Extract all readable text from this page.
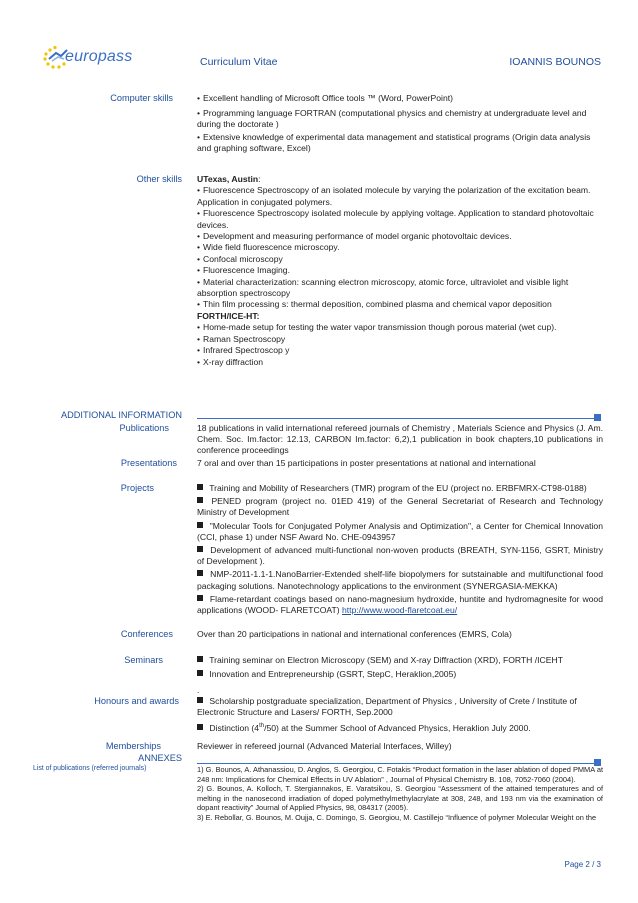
europass	Curriculum Vitae	IOANNIS BOUNOS
Computer skills

•	Excellent handling of Microsoft Office tools ™ (Word, PowerPoint)

• Programming language FORTRAN (computational physics and chemistry at undergraduate level and during the doctorate )

• Extensive knowledge of experimental data management and statistical programs (Origin data analysis and graphing software, Excel)

Other skills UTexas, Austin:

• Fluorescence Spectroscopy of an isolated molecule by varying the polarization of the excitation beam. Application in conjugated polymers.

• Fluorescence Spectroscopy isolated molecule by applying voltage. Application to standard photovoltaic devices.

• Development and measuring performance of model organic photovoltaic devices.

• Wide field fluorescence microscopy.

• Confocal microscopy

• Fluorescence Imaging.

• Material characterization: scanning electron microscopy, atomic force, ultraviolet and visible light absorption spectroscopy

• Thin film processing s: thermal deposition, combined plasma and chemical vapor deposition

FORTH/ICE-HT:

• Home-made setup for testing the water vapor transmission though porous material (wet cup).

• Raman Spectroscopy

• Infrared Spectroscop y

• X-ray diffraction

ADDITIONAL INFORMATION
Publications	18 publications in valid international refereed journals of Chemistry , Materials Science and Physics (J. Am. Chem. Soc. Im.factor: 12.13, CARBON Im.factor: 6,2),1 publication in book chapters,10 publications in conference proceedings
Presentations 7 oral and over than 15 participations in poster presentations at national and international
Projects	Training and Mobility of Researchers (TMR) program of the EU (project no. ERBFMRX-CT98-0188)

PENED program (project no. 01ED 419) of the General Secretariat of Research and Technology Ministry of Development

"Molecular Tools for Conjugated Polymer Analysis and Optimization", a Center for Chemical Innovation (CCI, phase 1) under NSF Award No. CHE-0943957

Development of advanced multi-functional non-woven products (BREATH, SYN-1156, GSRT, Ministry of Development ).

NMP-2011-1.1-1.NanoBarrier-Extended shelf-life biopolymers for sutstainable and multifunctional food packaging solutions. Nanotechnology applications to the environment (SYNERGASIA-MEKKA)

Flame-retardant coatings based on nano-magnesium hydroxide, huntite and hydromagnesite for wood applications (WOOD- FLARETCOAT) http://www.wood-flaretcoat.eu/

Conferences	Over than 20 participations in national and international conferences (EMRS, Cola)
Seminars	Training seminar on Electron Microscopy (SEM) and X-ray Diffraction (XRD), FORTH /ICEHT

Innovation and Entrepreneurship (GSRT, StepC, Heraklion,2005)

.
Honours and awards	Scholarship postgraduate specialization, Department of Physics , University of Crete / Institute of Electronic Structure and Lasers/ FORTH, Sep.2000

Distinction (4th/50) at the Summer School of Advanced Physics, Heraklion July 2000.

Memberships	Reviewer in refereed journal (Advanced Material Interfaces, Willey)
ANNEXES
List of publications (referred journals)	1) G. Bounos, A. Athanassiou, D. Anglos, S. Georgiou, C. Fotakis “Product formation in the laser ablation of doped PMMA at 248 nm: Implications for Chemical Effects in UV Ablation” , Journal of Physical Chemistry B. 108, 7052-7060 (2004).

2) G. Bounos, A. Kolloch, T. Stergiannakos, E. Varatsikou, S. Georgiou “Assessment of the attained temperatures and of melting in the nanosecond irradiation of doped polymethylmethylacrylate at 308, 248, and 193 nm via the examination of dopant reactivity” Journal of Applied Physics, 98, 084317 (2005).

3) E. Rebollar, G. Bounos, M. Oujja, C. Domingo, S. Georgiou, M. Castillejo “Influence of polymer Molecular Weight on the

Page 2 / 3
